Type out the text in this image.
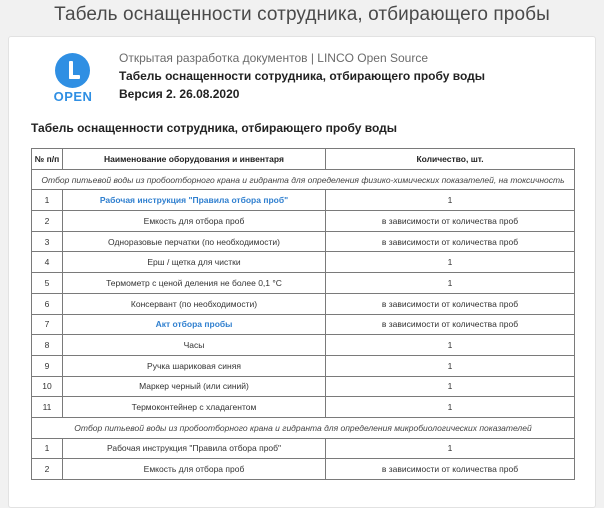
Табель оснащенности сотрудника, отбирающего пробы
OPEN
Открытая разработка документов | LINCO Open Source
Табель оснащенности сотрудника, отбирающего пробу воды
Версия 2. 26.08.2020
Табель оснащенности сотрудника, отбирающего пробу воды
№ п/п	Наименование оборудования и инвентаря	Количество, шт.
Отбор питьевой воды из пробоотборного крана и гидранта для определения физико-химических показателей, на токсичность		
1	Рабочая инструкция "Правила отбора проб"	1
2	Емкость для отбора проб	в зависимости от количества проб
3	Одноразовые перчатки (по необходимости)	в зависимости от количества проб
4	Ерш / щетка для чистки	1
5	Термометр с ценой деления не более 0,1 °С	1
6	Консервант (по необходимости)	в зависимости от количества проб
7	Акт отбора пробы	в зависимости от количества проб
8	Часы	1
9	Ручка шариковая синяя	1
10	Маркер черный (или синий)	1
11	Термоконтейнер с хладагентом	1
Отбор питьевой воды из пробоотборного крана и гидранта для определения микробиологических показателей		
1	Рабочая инструкция "Правила отбора проб"	1
2	Емкость для отбора проб	в зависимости от количества проб
